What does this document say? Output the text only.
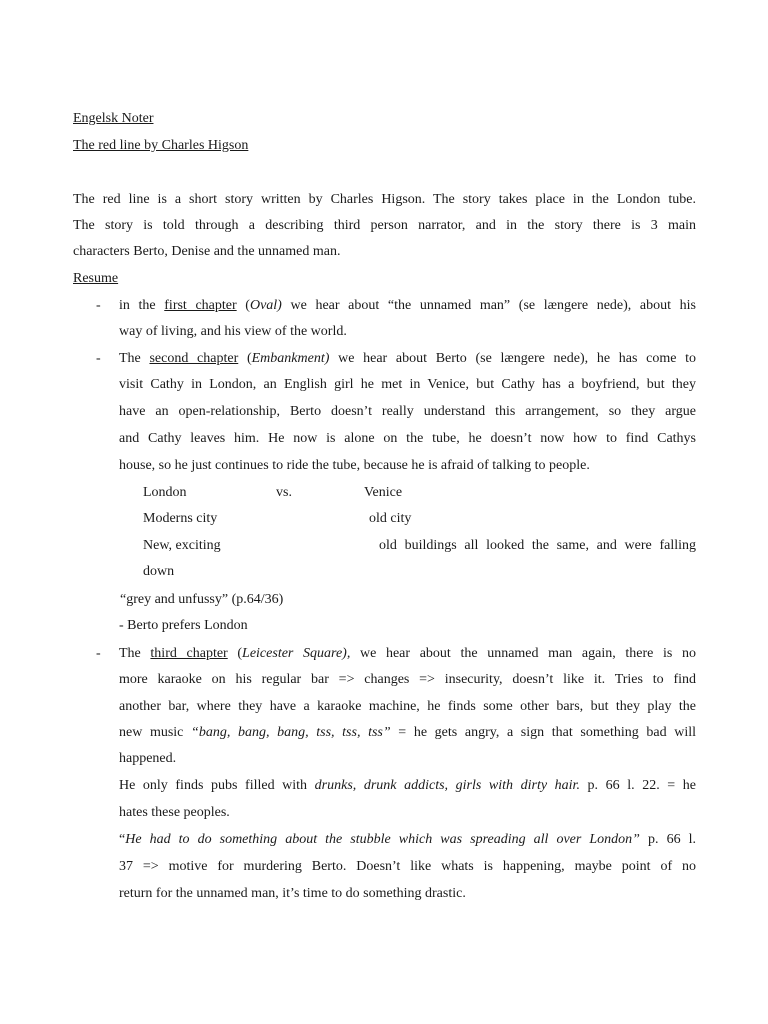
Engelsk Noter
The red line by Charles Higson
The red line is a short story written by Charles Higson. The story takes place in the London tube.
The story is told through a describing third person narrator, and in the story there is 3 main
characters Berto, Denise and the unnamed man.
Resume
- in the first chapter (Oval) we hear about “the unnamed man” (se længere nede), about his
way of living, and his view of the world.
- The second chapter (Embankment) we hear about Berto (se længere nede), he has come to
visit Cathy in London, an English girl he met in Venice, but Cathy has a boyfriend, but they
have an open-relationship, Berto doesn’t really understand this arrangement, so they argue
and Cathy leaves him. He now is alone on the tube, he doesn’t now how to find Cathys
house, so he just continues to ride the tube, because he is afraid of talking to people.
London	vs.	Venice
Moderns city	old city
New, exciting	old buildings all looked the same, and were falling
down
“grey and unfussy” (p.64/36)
- Berto prefers London
- The third chapter (Leicester Square), we hear about the unnamed man again, there is no
more karaoke on his regular bar => changes => insecurity, doesn’t like it. Tries to find
another bar, where they have a karaoke machine, he finds some other bars, but they play the
new music “bang, bang, bang, tss, tss, tss” = he gets angry, a sign that something bad will
happened.
He only finds pubs filled with drunks, drunk addicts, girls with dirty hair. p. 66 l. 22. = he
hates these peoples.
“He had to do something about the stubble which was spreading all over London” p. 66 l.
37 => motive for murdering Berto. Doesn’t like whats is happening, maybe point of no
return for the unnamed man, it’s time to do something drastic.
